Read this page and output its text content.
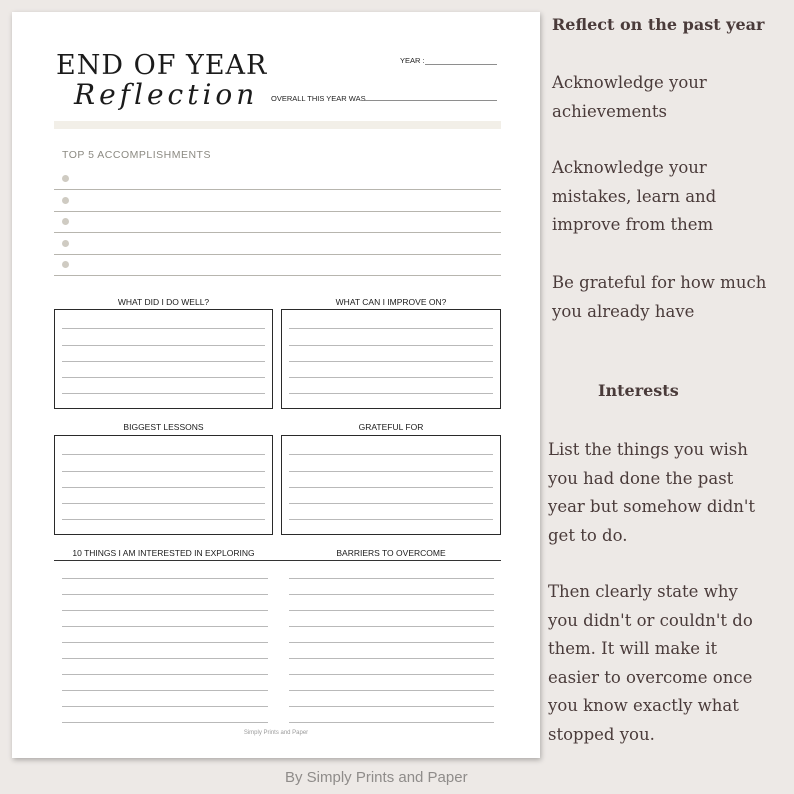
END OF YEAR
Reflection
YEAR :
OVERALL THIS YEAR WAS
TOP 5 ACCOMPLISHMENTS
WHAT DID I DO WELL?	WHAT CAN I IMPROVE ON?
BIGGEST LESSONS	GRATEFUL FOR
10 THINGS I AM INTERESTED IN EXPLORING	BARRIERS TO OVERCOME
Simply Prints and Paper
By Simply Prints and Paper
Reflect on the past year
Acknowledge your
achievements
Acknowledge your
mistakes, learn and
improve from them
Be grateful for how much
you already have
Interests
List the things you wish
you had done the past
year but somehow didn't
get to do.
Then clearly state why
you didn't or couldn't do
them. It will make it
easier to overcome once
you know exactly what
stopped you.
